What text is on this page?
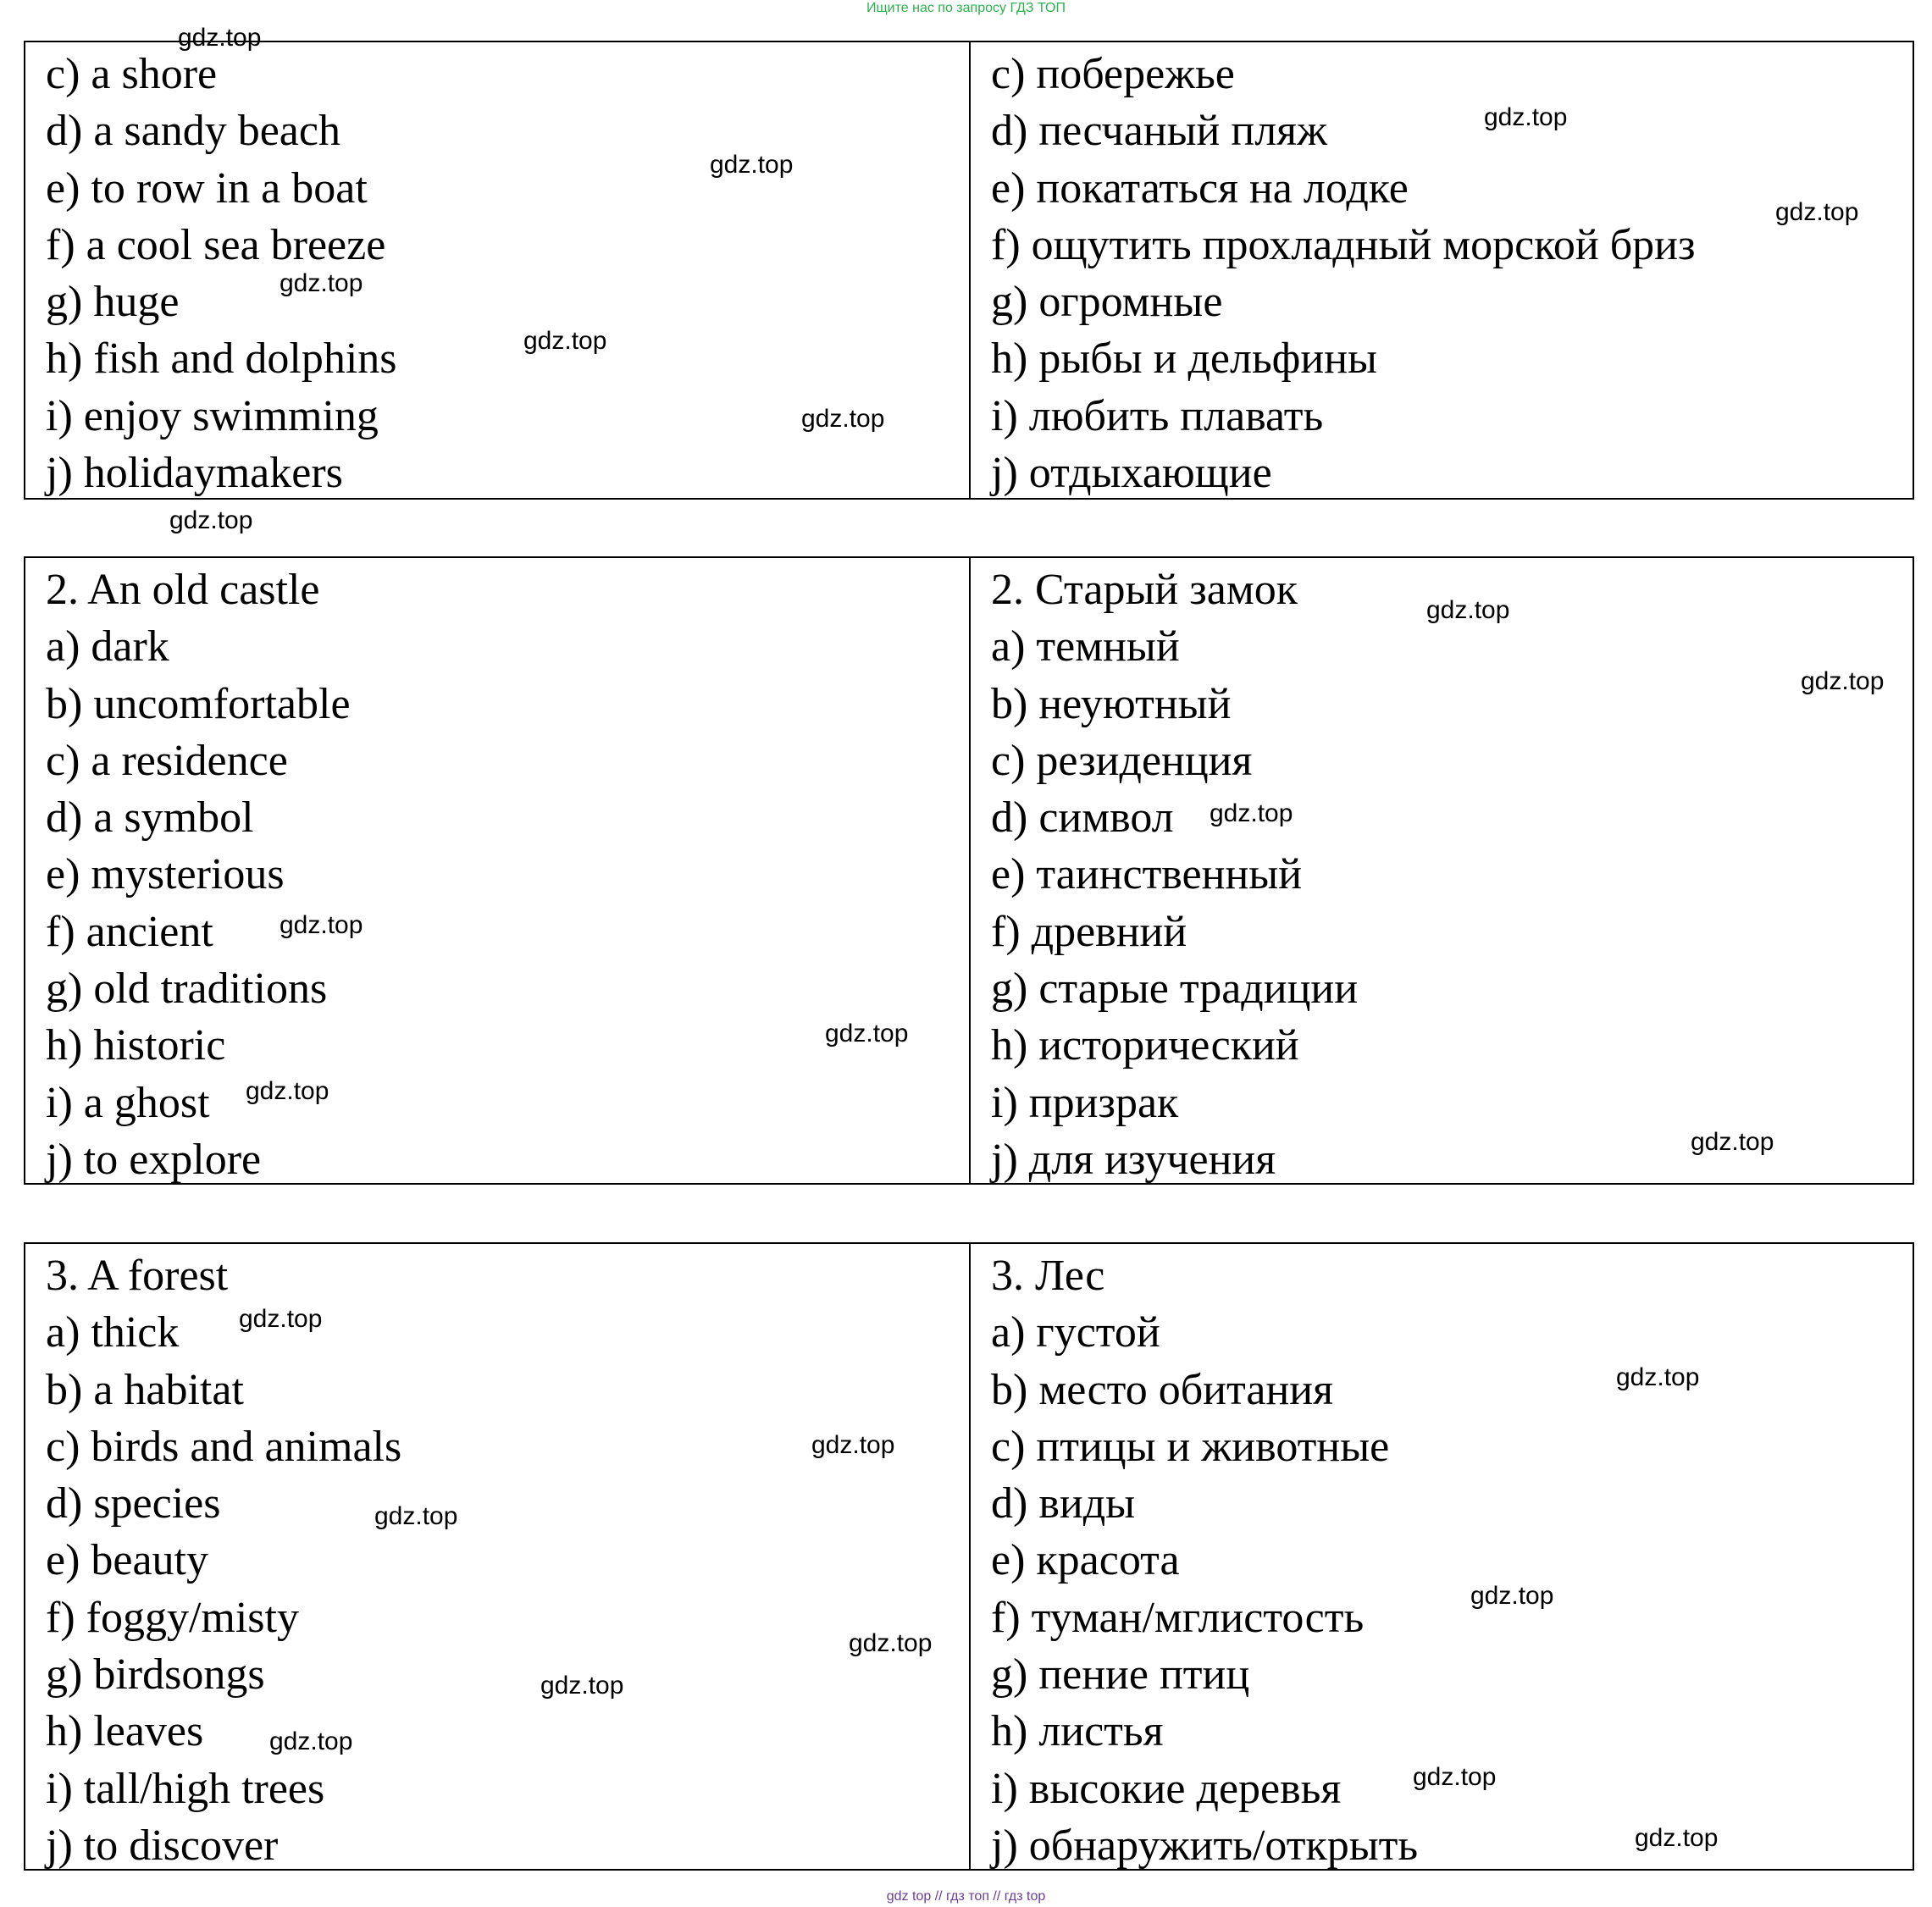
Ищите нас по запросу ГДЗ ТОП
c) a shore
d) a sandy beach
e) to row in a boat
f) a cool sea breeze
g) huge
h) fish and dolphins
i) enjoy swimming
j) holidaymakers
c) побережье
d) песчаный пляж
e) покататься на лодке
f) ощутить прохладный морской бриз
g) огромные
h) рыбы и дельфины
i) любить плавать
j) отдыхающие
2. An old castle
a) dark
b) uncomfortable
c) a residence
d) a symbol
e) mysterious
f) ancient
g) old traditions
h) historic
i) a ghost
j) to explore
2. Старый замок
a) темный
b) неуютный
c) резиденция
d) символ
e) таинственный
f) древний
g) старые традиции
h) исторический
i) призрак
j) для изучения
3. A forest
a) thick
b) a habitat
c) birds and animals
d) species
e) beauty
f) foggy/misty
g) birdsongs
h) leaves
i) tall/high trees
j) to discover
3. Лес
a) густой
b) место обитания
c) птицы и животные
d) виды
e) красота
f) туман/мглистость
g) пение птиц
h) листья
i) высокие деревья
j) обнаружить/открыть
gdz.top
gdz.top
gdz.top
gdz.top
gdz.top
gdz.top
gdz.top
gdz.top
gdz.top
gdz.top
gdz.top
gdz.top
gdz.top
gdz.top
gdz.top
gdz.top
gdz.top
gdz.top
gdz.top
gdz.top
gdz.top
gdz.top
gdz.top
gdz.top
gdz.top
gdz top // гдз топ // гдз top
